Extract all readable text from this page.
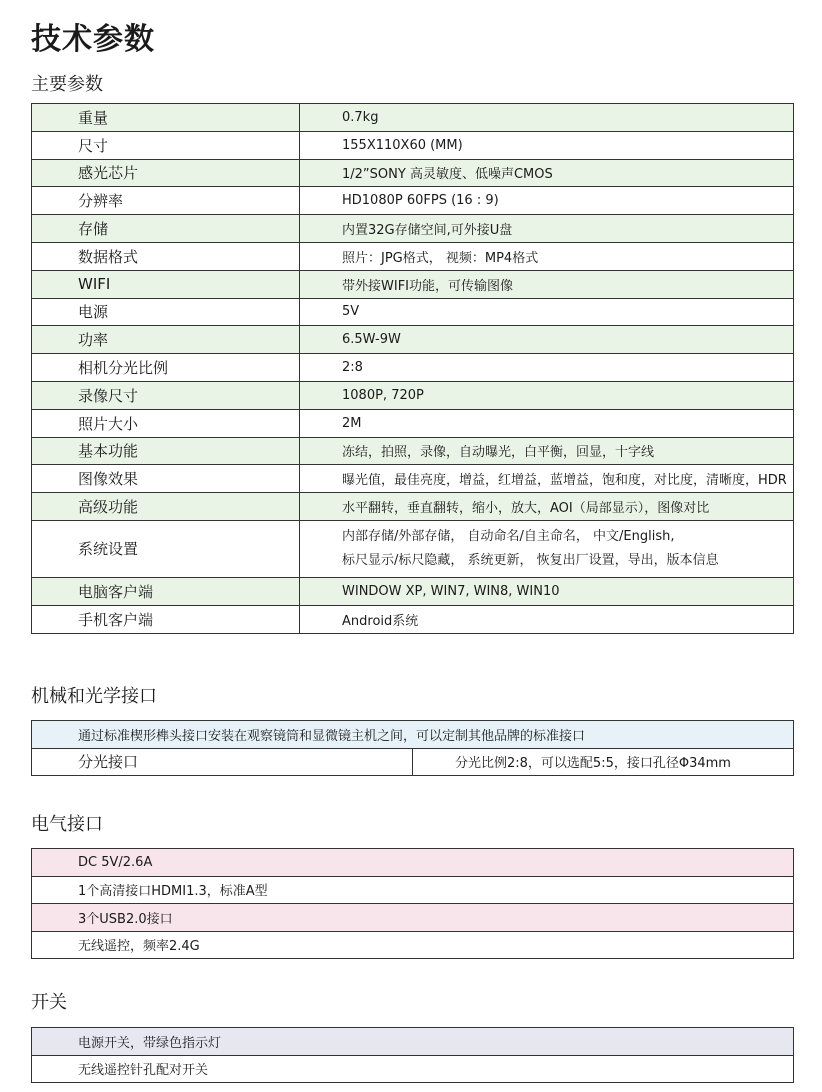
技术参数
主要参数
重量	0.7kg
尺寸	155X110X60 (MM)
感光芯片	1/2”SONY 高灵敏度、低噪声CMOS
分辨率	HD1080P 60FPS (16 : 9)
存储	内置32G存储空间,可外接U盘
数据格式	照片：JPG格式， 视频：MP4格式
WIFI	带外接WIFI功能，可传输图像
电源	5V
功率	6.5W-9W
相机分光比例	2:8
录像尺寸	1080P, 720P
照片大小	2M
基本功能	冻结，拍照，录像，自动曝光，白平衡，回显，十字线
图像效果	曝光值，最佳亮度，增益，红增益，蓝增益，饱和度，对比度，清晰度，HDR
高级功能	水平翻转，垂直翻转，缩小，放大，AOI（局部显示），图像对比
系统设置	内部存储/外部存储， 自动命名/自主命名， 中文/English,
标尺显示/标尺隐藏， 系统更新， 恢复出厂设置，导出，版本信息

电脑客户端	WINDOW XP, WIN7, WIN8, WIN10
手机客户端	Android系统
机械和光学接口
通过标准楔形榫头接口安装在观察镜筒和显微镜主机之间，可以定制其他品牌的标准接口
分光接口	分光比例2:8，可以选配5:5，接口孔径Φ34mm
电气接口
DC 5V/2.6A
1个高清接口HDMI1.3，标准A型
3个USB2.0接口
无线遥控，频率2.4G
开关
电源开关，带绿色指示灯
无线遥控针孔配对开关
